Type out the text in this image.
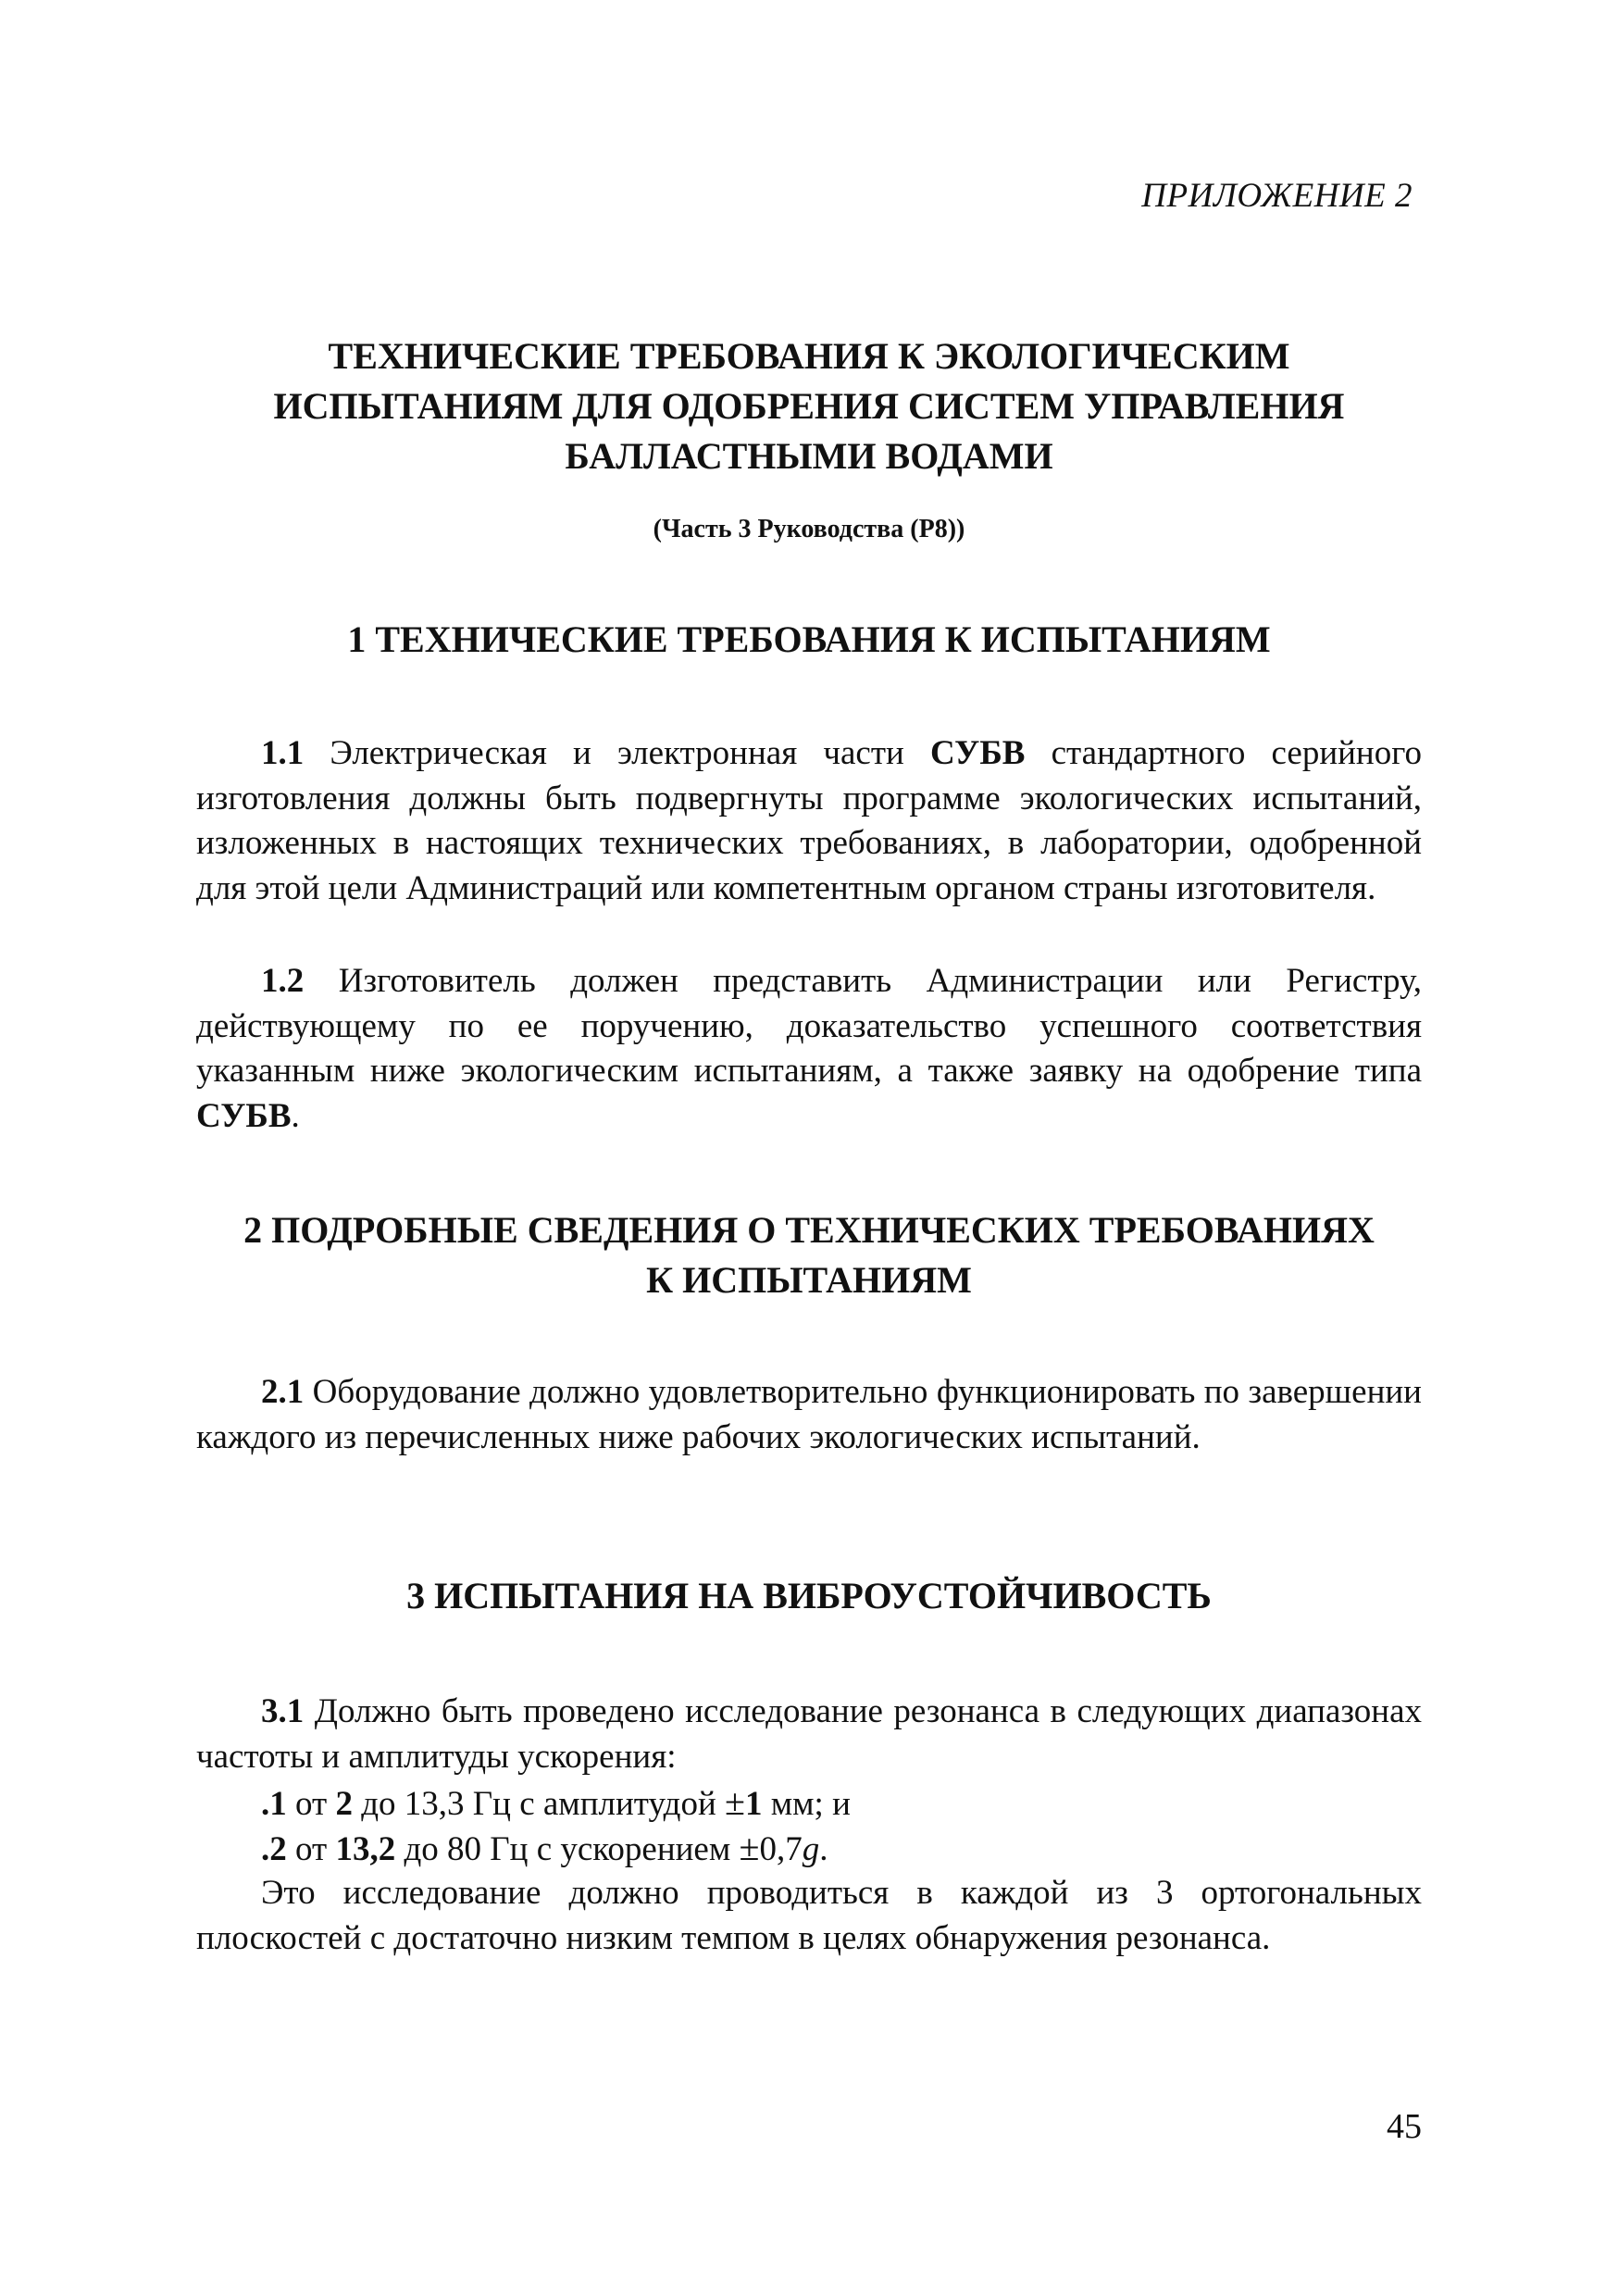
ПРИЛОЖЕНИЕ 2
ТЕХНИЧЕСКИЕ ТРЕБОВАНИЯ К ЭКОЛОГИЧЕСКИМ
ИСПЫТАНИЯМ ДЛЯ ОДОБРЕНИЯ СИСТЕМ УПРАВЛЕНИЯ
БАЛЛАСТНЫМИ ВОДАМИ

(Часть 3 Руководства (Р8))

1 ТЕХНИЧЕСКИЕ ТРЕБОВАНИЯ К ИСПЫТАНИЯМ

1.1 Электрическая и электронная части СУБВ стандартного серийного изготовления должны быть подвергнуты программе экологических испытаний, изложенных в настоящих технических требованиях, в лаборатории, одобренной для этой цели Администраций или компетентным органом страны изготовителя.

1.2 Изготовитель должен представить Администрации или Регистру, действующему по ее поручению, доказательство успешного соответствия указанным ниже экологическим испытаниям, а также заявку на одобрение типа СУБВ.

2 ПОДРОБНЫЕ СВЕДЕНИЯ О ТЕХНИЧЕСКИХ ТРЕБОВАНИЯХ
К ИСПЫТАНИЯМ

2.1 Оборудование должно удовлетворительно функционировать по завершении каждого из перечисленных ниже рабочих экологических испытаний.

3 ИСПЫТАНИЯ НА ВИБРОУСТОЙЧИВОСТЬ

3.1 Должно быть проведено исследование резонанса в следующих диапазонах частоты и амплитуды ускорения:

.1 от 2 до 13,3 Гц с амплитудой ±1 мм; и

.2 от 13,2 до 80 Гц с ускорением ±0,7g.

Это исследование должно проводиться в каждой из 3 ортогональных плоскостей с достаточно низким темпом в целях обнаружения резонанса.

45
